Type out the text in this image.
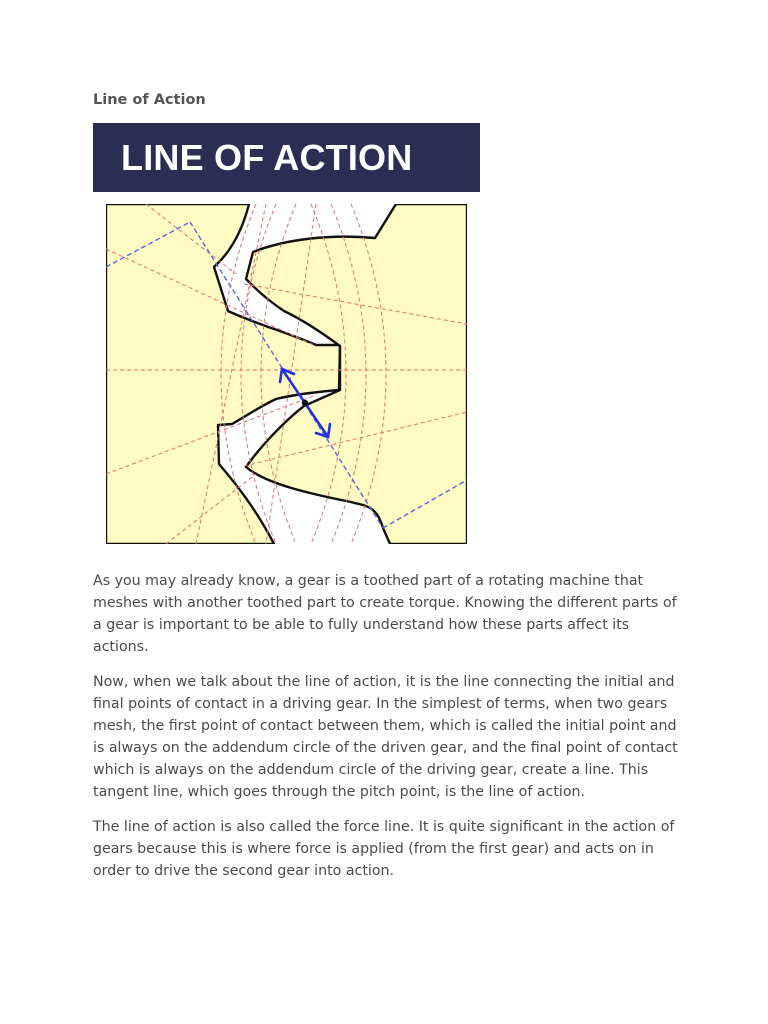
Line of Action
LINE OF ACTION

As you may already know, a gear is a toothed part of a rotating machine that meshes with another toothed part to create torque. Knowing the different parts of a gear is important to be able to fully understand how these parts affect its actions.

Now, when we talk about the line of action, it is the line connecting the initial and final points of contact in a driving gear. In the simplest of terms, when two gears mesh, the first point of contact between them, which is called the initial point and is always on the addendum circle of the driven gear, and the final point of contact which is always on the addendum circle of the driving gear, create a line. This tangent line, which goes through the pitch point, is the line of action.

The line of action is also called the force line. It is quite significant in the action of gears because this is where force is applied (from the first gear) and acts on in order to drive the second gear into action.
